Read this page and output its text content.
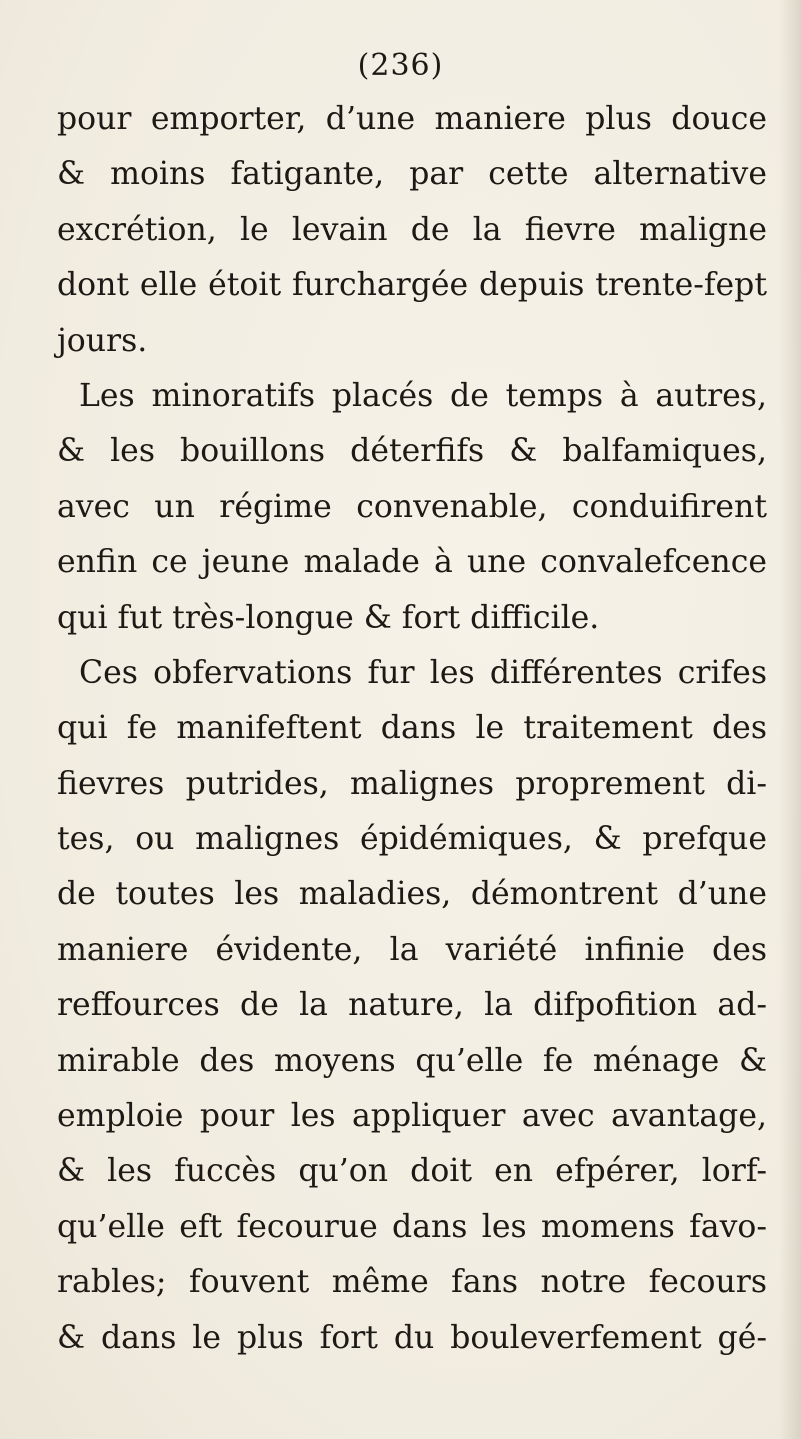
(236)
pour emporter, d’une maniere plus douce
& moins fatigante, par cette alternative
excrétion, le levain de la fievre maligne
dont elle étoit furchargée depuis trente-fept
jours.
Les minoratifs placés de temps à autres,
& les bouillons déterfifs & balfamiques,
avec un régime convenable, conduifirent
enfin ce jeune malade à une convalefcence
qui fut très-longue & fort difficile.
Ces obfervations fur les différentes crifes
qui fe manifeftent dans le traitement des
fievres putrides, malignes proprement di-
tes, ou malignes épidémiques, & prefque
de toutes les maladies, démontrent d’une
maniere évidente, la variété infinie des
reffources de la nature, la difpofition ad-
mirable des moyens qu’elle fe ménage &
emploie pour les appliquer avec avantage,
& les fuccès qu’on doit en efpérer, lorf-
qu’elle eft fecourue dans les momens favo-
rables; fouvent même fans notre fecours
& dans le plus fort du bouleverfement gé-
